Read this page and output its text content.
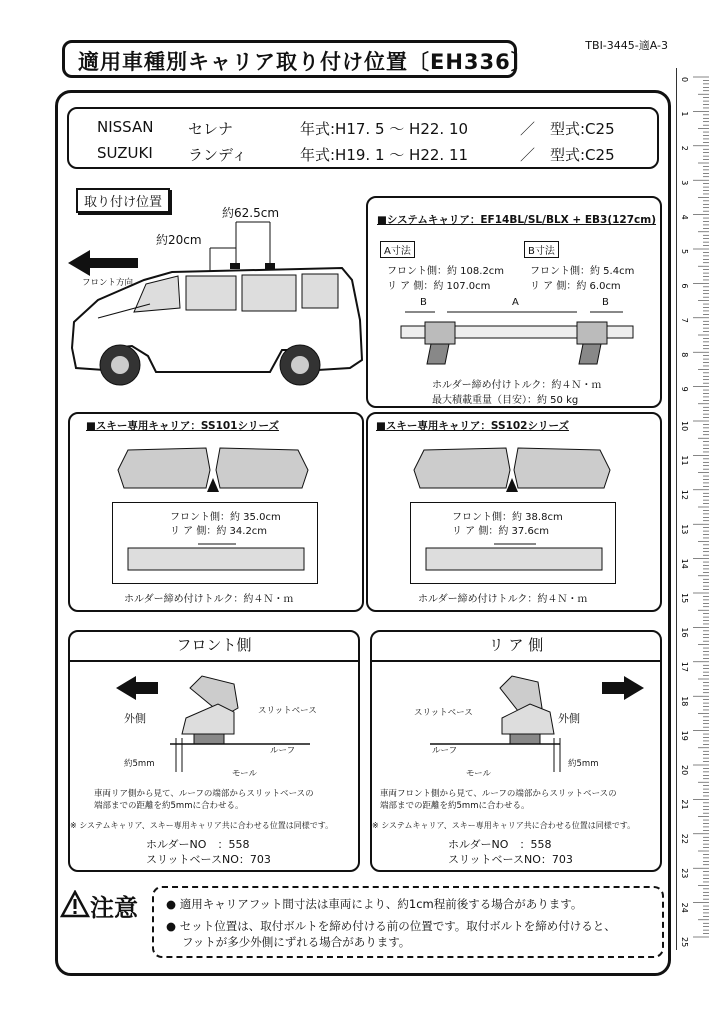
適用車種別キャリア取り付け位置〔EH336〕
TBI-3445-適A-3
0
1
2
3
4
5
6
7
8
9
10
11
12
13
14
15
16
17
18
19
20
21
22
23
24
25
NISSAN セレナ	年式:H17. 5 〜 H22. 10	／ 型式:C25
SUZUKI ランディ	年式:H19. 1 〜 H22. 11	／ 型式:C25
取り付け位置
約62.5cm
約20cm
フロント方向
■システムキャリア：EF14BL/SL/BLX + EB3(127cm)
A寸法	B寸法
フロント側：約 108.2cm
リ ア 側：約 107.0cm
フロント側：約 5.4cm
リ ア 側：約 6.0cm
B	A	B
ホルダー締め付けトルク：約４Ｎ・ｍ
最大積載重量（目安）：約 50 kg
■スキー専用キャリア：SS101シリーズ
フロント側：約 35.0cm
リ ア 側：約 34.2cm
ホルダー締め付けトルク：約４Ｎ・ｍ
■スキー専用キャリア：SS102シリーズ
フロント側：約 38.8cm
リ ア 側：約 37.6cm
ホルダー締め付けトルク：約４Ｎ・ｍ
フロント側
外側
スリットベース
ルーフ
モール
約5mm
車両リア側から見て、ルーフの端部からスリットベースの
端部までの距離を約5mmに合わせる。
※ システムキャリア、スキー専用キャリア共に合わせる位置は同様です。
ホルダーNO　：558
スリットベースNO：703
リ ア 側
外側
スリットベース
ルーフ
モール
約5mm
車両フロント側から見て、ルーフの端部からスリットベースの
端部までの距離を約5mmに合わせる。
※ システムキャリア、スキー専用キャリア共に合わせる位置は同様です。
ホルダーNO　：558
スリットベースNO：703
注意 ● 適用キャリアフット間寸法は車両により、約1cm程前後する場合があります。
● セット位置は、取付ボルトを締め付ける前の位置です。取付ボルトを締め付けると、
フットが多少外側にずれる場合があります。
